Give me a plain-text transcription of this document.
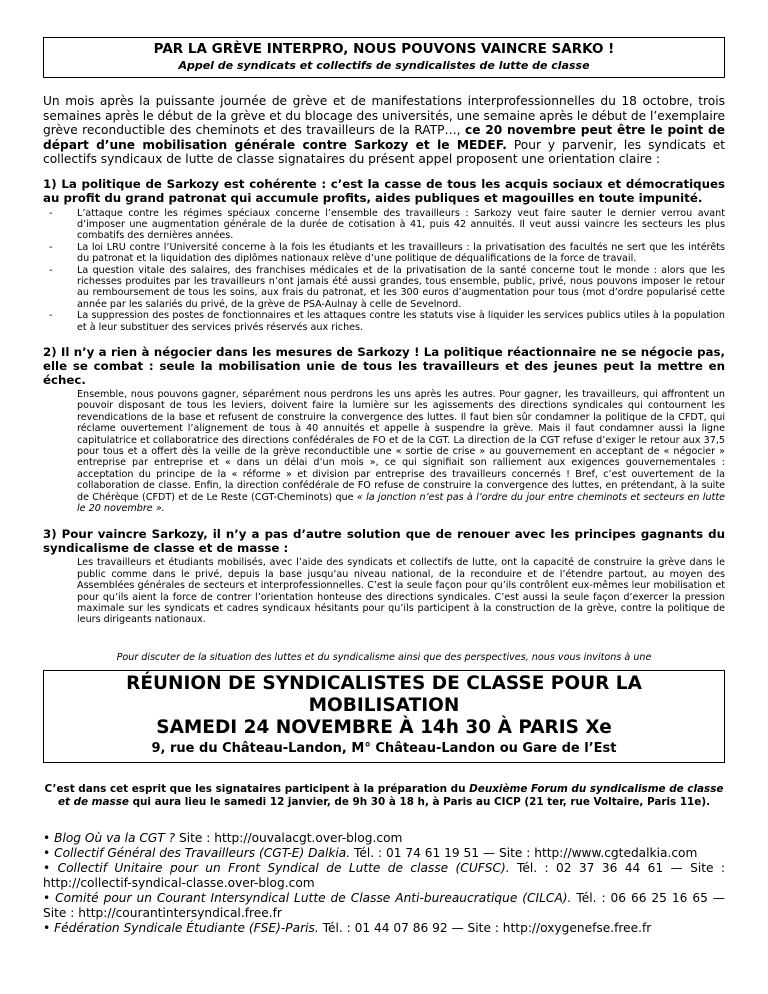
PAR LA GRÈVE INTERPRO, NOUS POUVONS VAINCRE SARKO !
Appel de syndicats et collectifs de syndicalistes de lutte de classe
Un mois après la puissante journée de grève et de manifestations interprofessionnelles du 18 octobre, trois semaines après le début de la grève et du blocage des universités, une semaine après le début de l’exemplaire grève reconductible des cheminots et des travailleurs de la RATP…, ce 20 novembre peut être le point de départ d’une mobilisation générale contre Sarkozy et le MEDEF. Pour y parvenir, les syndicats et collectifs syndicaux de lutte de classe signataires du présent appel proposent une orientation claire :
1) La politique de Sarkozy est cohérente : c’est la casse de tous les acquis sociaux et démocratiques au profit du grand patronat qui accumule profits, aides publiques et magouilles en toute impunité.
-	L’attaque contre les régimes spéciaux concerne l’ensemble des travailleurs : Sarkozy veut faire sauter le dernier verrou avant d’imposer une augmentation générale de la durée de cotisation à 41, puis 42 annuités. Il veut aussi vaincre les secteurs les plus combatifs des dernières années.
-	La loi LRU contre l’Université concerne à la fois les étudiants et les travailleurs : la privatisation des facultés ne sert que les intérêts du patronat et la liquidation des diplômes nationaux relève d’une politique de déqualifications de la force de travail.
-	La question vitale des salaires, des franchises médicales et de la privatisation de la santé concerne tout le monde : alors que les richesses produites par les travailleurs n’ont jamais été aussi grandes, tous ensemble, public, privé, nous pouvons imposer le retour au remboursement de tous les soins, aux frais du patronat, et les 300 euros d’augmentation pour tous (mot d’ordre popularisé cette année par les salariés du privé, de la grève de PSA-Aulnay à celle de Sevelnord.
-	La suppression des postes de fonctionnaires et les attaques contre les statuts vise à liquider les services publics utiles à la population et à leur substituer des services privés réservés aux riches.
2) Il n’y a rien à négocier dans les mesures de Sarkozy ! La politique réactionnaire ne se négocie pas, elle se combat : seule la mobilisation unie de tous les travailleurs et des jeunes peut la mettre en échec.
Ensemble, nous pouvons gagner, séparément nous perdrons les uns après les autres. Pour gagner, les travailleurs, qui affrontent un pouvoir disposant de tous les leviers, doivent faire la lumière sur les agissements des directions syndicales qui contournent les revendications de la base et refusent de construire la convergence des luttes. Il faut bien sûr condamner la politique de la CFDT, qui réclame ouvertement l’alignement de tous à 40 annuités et appelle à suspendre la grève. Mais il faut condamner aussi la ligne capitulatrice et collaboratrice des directions confédérales de FO et de la CGT. La direction de la CGT refuse d’exiger le retour aux 37,5 pour tous et a offert dès la veille de la grève reconductible une « sortie de crise » au gouvernement en acceptant de « négocier » entreprise par entreprise et « dans un délai d’un mois », ce qui signifiait son ralliement aux exigences gouvernementales : acceptation du principe de la « réforme » et division par entreprise des travailleurs concernés ! Bref, c’est ouvertement de la collaboration de classe. Enfin, la direction confédérale de FO refuse de construire la convergence des luttes, en prétendant, à la suite de Chérèque (CFDT) et de Le Reste (CGT-Cheminots) que « la jonction n’est pas à l’ordre du jour entre cheminots et secteurs en lutte le 20 novembre ».
3) Pour vaincre Sarkozy, il n’y a pas d’autre solution que de renouer avec les principes gagnants du syndicalisme de classe et de masse :
Les travailleurs et étudiants mobilisés, avec l’aide des syndicats et collectifs de lutte, ont la capacité de construire la grève dans le public comme dans le privé, depuis la base jusqu’au niveau national, de la reconduire et de l’étendre partout, au moyen des Assemblées générales de secteurs et interprofessionnelles. C’est la seule façon pour qu’ils contrôlent eux-mêmes leur mobilisation et pour qu’ils aient la force de contrer l’orientation honteuse des directions syndicales. C’est aussi la seule façon d’exercer la pression maximale sur les syndicats et cadres syndicaux hésitants pour qu’ils participent à la construction de la grève, contre la politique de leurs dirigeants nationaux.
Pour discuter de la situation des luttes et du syndicalisme ainsi que des perspectives, nous vous invitons à une
RÉUNION DE SYNDICALISTES DE CLASSE POUR LA MOBILISATION
SAMEDI 24 NOVEMBRE À 14h 30 À PARIS Xe
9, rue du Château-Landon, M° Château-Landon ou Gare de l’Est
C’est dans cet esprit que les signataires participent à la préparation du Deuxième Forum du syndicalisme de classe et de masse qui aura lieu le samedi 12 janvier, de 9h 30 à 18 h, à Paris au CICP (21 ter, rue Voltaire, Paris 11e).
• Blog Où va la CGT ? Site : http://ouvalacgt.over-blog.com
• Collectif Général des Travailleurs (CGT-E) Dalkia. Tél. : 01 74 61 19 51 — Site : http://www.cgtedalkia.com
• Collectif Unitaire pour un Front Syndical de Lutte de classe (CUFSC). Tél. : 02 37 36 44 61 — Site : http://collectif-syndical-classe.over-blog.com
• Comité pour un Courant Intersyndical Lutte de Classe Anti-bureaucratique (CILCA). Tél. : 06 66 25 16 65 — Site : http://courantintersyndical.free.fr
• Fédération Syndicale Étudiante (FSE)-Paris. Tél. : 01 44 07 86 92 — Site : http://oxygenefse.free.fr
